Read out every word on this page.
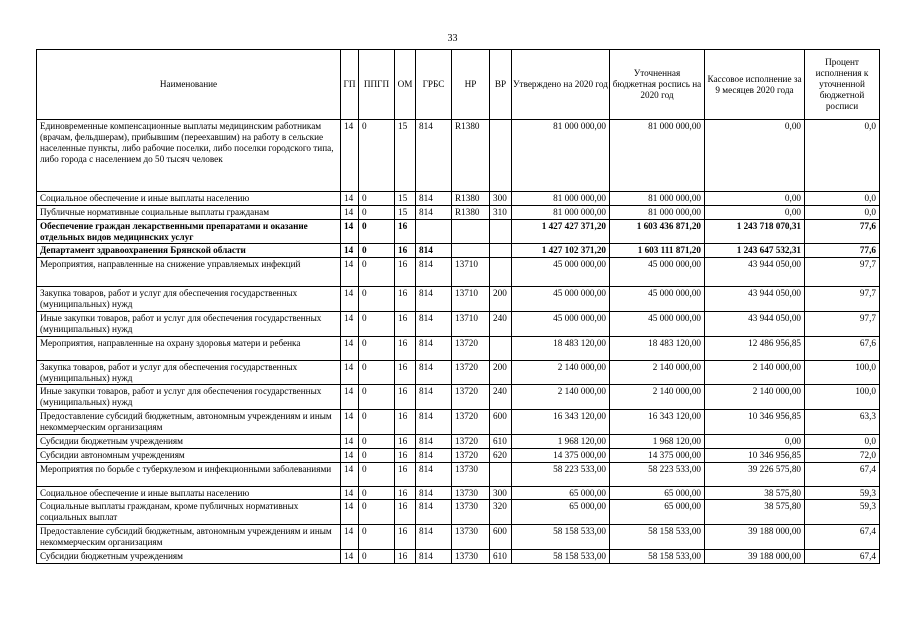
33
Наименование	ГП	ППГП	ОМ	ГРБС	НР	ВР	Утверждено на 2020 год	Уточненная бюджетная роспись на 2020 год	Кассовое исполнение за 9 месяцев 2020 года	Процент исполнения к уточненной бюджетной росписи
Единовременные компенсационные выплаты медицинским работникам (врачам, фельдшерам), прибывшим (переехавшим) на работу в сельские населенные пункты, либо рабочие поселки, либо поселки городского типа, либо города с населением до 50 тысяч человек	14	0	15	814	R1380		81 000 000,00	81 000 000,00	0,00	0,0
Социальное обеспечение и иные выплаты населению	14	0	15	814	R1380	300	81 000 000,00	81 000 000,00	0,00	0,0
Публичные нормативные социальные выплаты гражданам	14	0	15	814	R1380	310	81 000 000,00	81 000 000,00	0,00	0,0
Обеспечение граждан лекарственными препаратами и оказание отдельных видов медицинских услуг	14	0	16				1 427 427 371,20	1 603 436 871,20	1 243 718 070,31	77,6
Департамент здравоохранения Брянской области	14	0	16	814			1 427 102 371,20	1 603 111 871,20	1 243 647 532,31	77,6
Мероприятия, направленные на снижение управляемых инфекций	14	0	16	814	13710		45 000 000,00	45 000 000,00	43 944 050,00	97,7
Закупка товаров, работ и услуг для обеспечения государственных (муниципальных) нужд	14	0	16	814	13710	200	45 000 000,00	45 000 000,00	43 944 050,00	97,7
Иные закупки товаров, работ и услуг для обеспечения государственных (муниципальных) нужд	14	0	16	814	13710	240	45 000 000,00	45 000 000,00	43 944 050,00	97,7
Мероприятия, направленные на охрану здоровья матери и ребенка	14	0	16	814	13720		18 483 120,00	18 483 120,00	12 486 956,85	67,6
Закупка товаров, работ и услуг для обеспечения государственных (муниципальных) нужд	14	0	16	814	13720	200	2 140 000,00	2 140 000,00	2 140 000,00	100,0
Иные закупки товаров, работ и услуг для обеспечения государственных (муниципальных) нужд	14	0	16	814	13720	240	2 140 000,00	2 140 000,00	2 140 000,00	100,0
Предоставление субсидий бюджетным, автономным учреждениям и иным некоммерческим организациям	14	0	16	814	13720	600	16 343 120,00	16 343 120,00	10 346 956,85	63,3
Субсидии бюджетным учреждениям	14	0	16	814	13720	610	1 968 120,00	1 968 120,00	0,00	0,0
Субсидии автономным учреждениям	14	0	16	814	13720	620	14 375 000,00	14 375 000,00	10 346 956,85	72,0
Мероприятия по борьбе с туберкулезом и инфекционными заболеваниями	14	0	16	814	13730		58 223 533,00	58 223 533,00	39 226 575,80	67,4
Социальное обеспечение и иные выплаты населению	14	0	16	814	13730	300	65 000,00	65 000,00	38 575,80	59,3
Социальные выплаты гражданам, кроме публичных нормативных социальных выплат	14	0	16	814	13730	320	65 000,00	65 000,00	38 575,80	59,3
Предоставление субсидий бюджетным, автономным учреждениям и иным некоммерческим организациям	14	0	16	814	13730	600	58 158 533,00	58 158 533,00	39 188 000,00	67,4
Субсидии бюджетным учреждениям	14	0	16	814	13730	610	58 158 533,00	58 158 533,00	39 188 000,00	67,4
